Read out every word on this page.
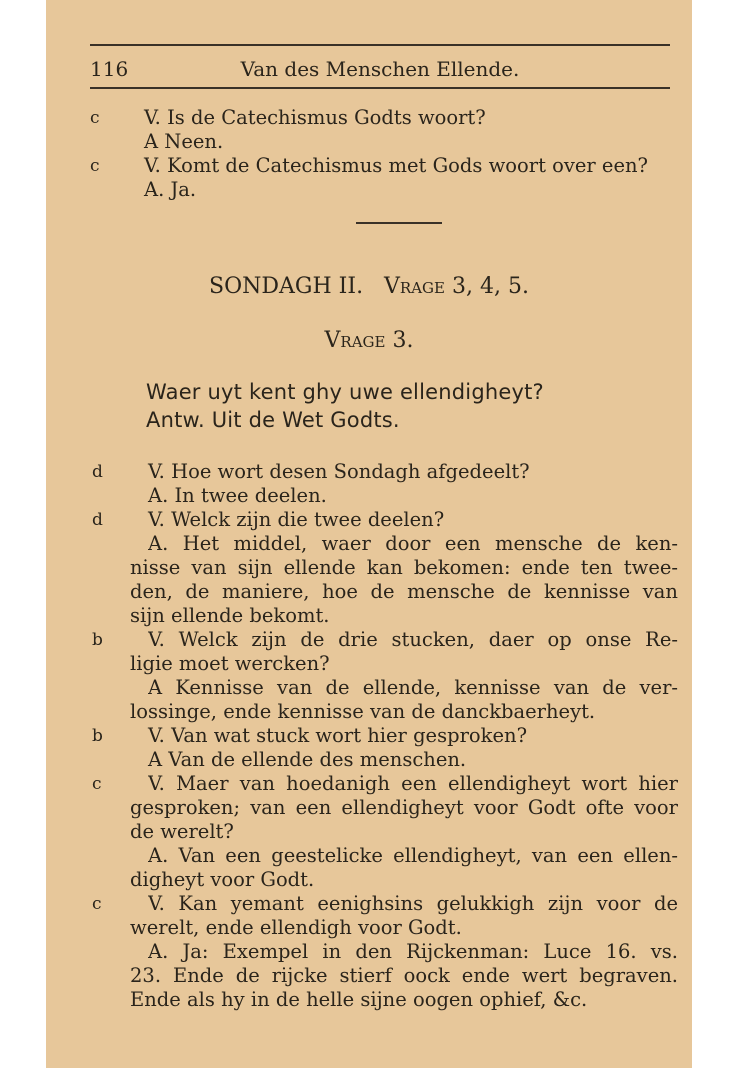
116	Van des Menschen Ellende.
c V. Is de Catechismus Godts woort?
A Neen.
c V. Komt de Catechismus met Gods woort over een?
A. Ja.
SONDAGH II. Vrage 3, 4, 5.
Vrage 3.
Waer uyt kent ghy uwe ellendigheyt?
Antw. Uit de Wet Godts.
d V. Hoe wort desen Sondagh afgedeelt?
A. In twee deelen.
d V. Welck zijn die twee deelen?
A. Het middel, waer door een mensche de ken-
nisse van sijn ellende kan bekomen: ende ten twee-
den, de maniere, hoe de mensche de kennisse van
sijn ellende bekomt.
b V. Welck zijn de drie stucken, daer op onse Re-
ligie moet wercken?
A Kennisse van de ellende, kennisse van de ver-
lossinge, ende kennisse van de danckbaerheyt.
b V. Van wat stuck wort hier gesproken?
A Van de ellende des menschen.
c V. Maer van hoedanigh een ellendigheyt wort hier
gesproken; van een ellendigheyt voor Godt ofte voor
de werelt?
A. Van een geestelicke ellendigheyt, van een ellen-
digheyt voor Godt.
c V. Kan yemant eenighsins gelukkigh zijn voor de
werelt, ende ellendigh voor Godt.
A. Ja: Exempel in den Rijckenman: Luce 16. vs.
23. Ende de rijcke stierf oock ende wert begraven.
Ende als hy in de helle sijne oogen ophief, &c.
